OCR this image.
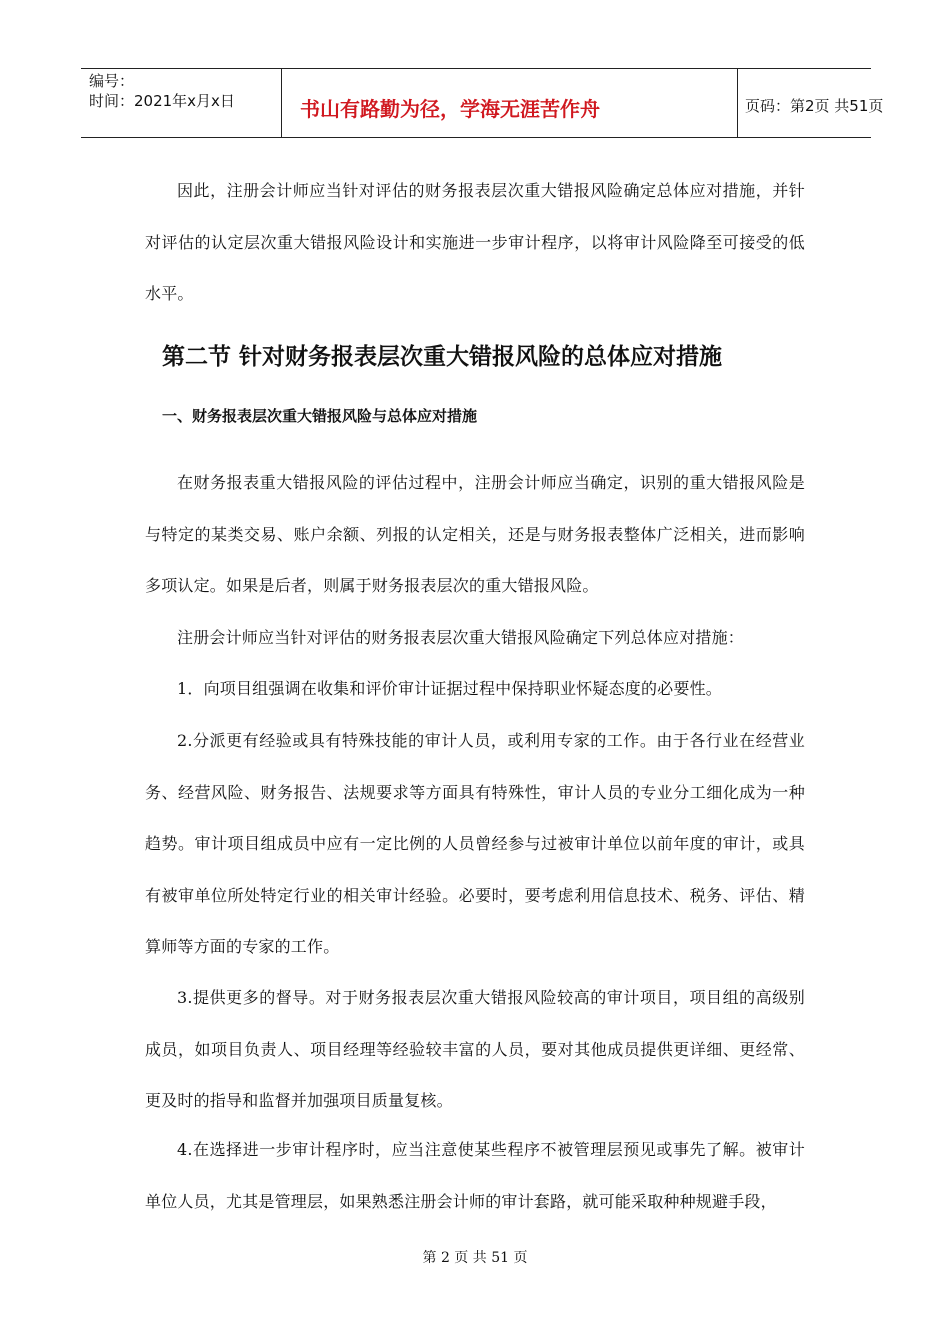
编号：
时间：2021年x月x日	书山有路勤为径，学海无涯苦作舟	页码：第2页 共51页
因此，注册会计师应当针对评估的财务报表层次重大错报风险确定总体应对措施，并针对评估的认定层次重大错报风险设计和实施进一步审计程序，以将审计风险降至可接受的低水平。
第二节 针对财务报表层次重大错报风险的总体应对措施
一、财务报表层次重大错报风险与总体应对措施
在财务报表重大错报风险的评估过程中，注册会计师应当确定，识别的重大错报风险是与特定的某类交易、账户余额、列报的认定相关，还是与财务报表整体广泛相关，进而影响多项认定。如果是后者，则属于财务报表层次的重大错报风险。
注册会计师应当针对评估的财务报表层次重大错报风险确定下列总体应对措施：
1．向项目组强调在收集和评价审计证据过程中保持职业怀疑态度的必要性。
2.分派更有经验或具有特殊技能的审计人员，或利用专家的工作。由于各行业在经营业务、经营风险、财务报告、法规要求等方面具有特殊性，审计人员的专业分工细化成为一种趋势。审计项目组成员中应有一定比例的人员曾经参与过被审计单位以前年度的审计，或具有被审单位所处特定行业的相关审计经验。必要时，要考虑利用信息技术、税务、评估、精算师等方面的专家的工作。
3.提供更多的督导。对于财务报表层次重大错报风险较高的审计项目，项目组的高级别成员，如项目负责人、项目经理等经验较丰富的人员，要对其他成员提供更详细、更经常、更及时的指导和监督并加强项目质量复核。
4.在选择进一步审计程序时，应当注意使某些程序不被管理层预见或事先了解。被审计单位人员，尤其是管理层，如果熟悉注册会计师的审计套路，就可能采取种种规避手段，
第 2 页 共 51 页
